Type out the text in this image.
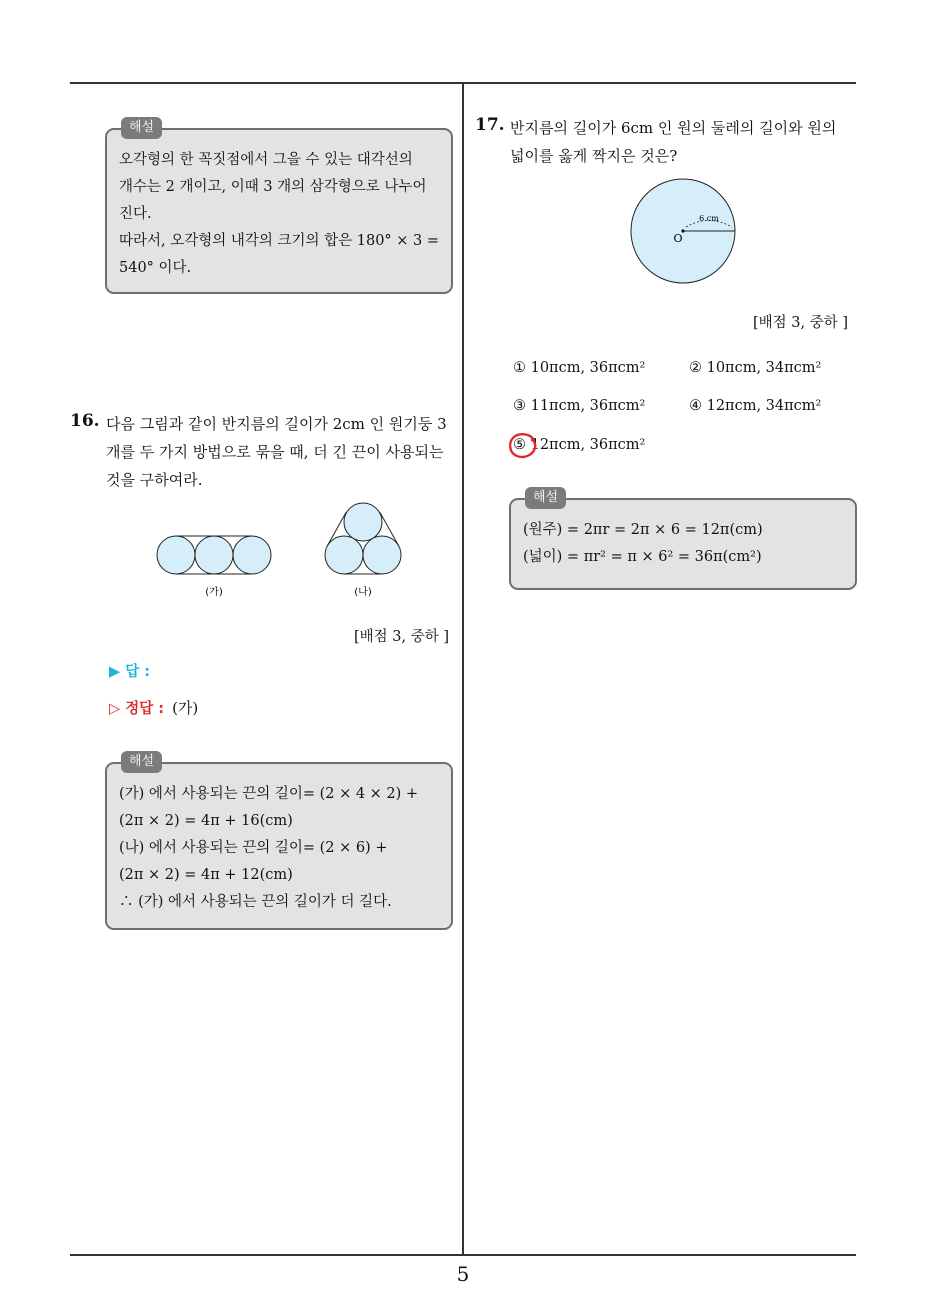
해설
오각형의 한 꼭짓점에서 그을 수 있는 대각선의
개수는 2 개이고, 이때 3 개의 삼각형으로 나누어
진다.
따라서, 오각형의 내각의 크기의 합은 180° × 3 =
540° 이다.
16. 다음 그림과 같이 반지름의 길이가 2cm 인 원기둥 3
개를 두 가지 방법으로 묶을 때, 더 긴 끈이 사용되는
것을 구하여라.
(가)	(나)
[배점 3, 중하 ]
▶ 답 :
▷ 정답 : (가)
해설
(가) 에서 사용되는 끈의 길이= (2 × 4 × 2) +
(2π × 2) = 4π + 16(cm)
(나) 에서 사용되는 끈의 길이= (2 × 6) +
(2π × 2) = 4π + 12(cm)
∴ (가) 에서 사용되는 끈의 길이가 더 길다.
17. 반지름의 길이가 6cm 인 원의 둘레의 길이와 원의
넓이를 옳게 짝지은 것은?
O
6 cm
[배점 3, 중하 ]
① 10πcm, 36πcm²	② 10πcm, 34πcm²
③ 11πcm, 36πcm²	④ 12πcm, 34πcm²
⑤ 12πcm, 36πcm²
해설
(원주) = 2πr = 2π × 6 = 12π(cm)
(넓이) = πr² = π × 6² = 36π(cm²)
5
